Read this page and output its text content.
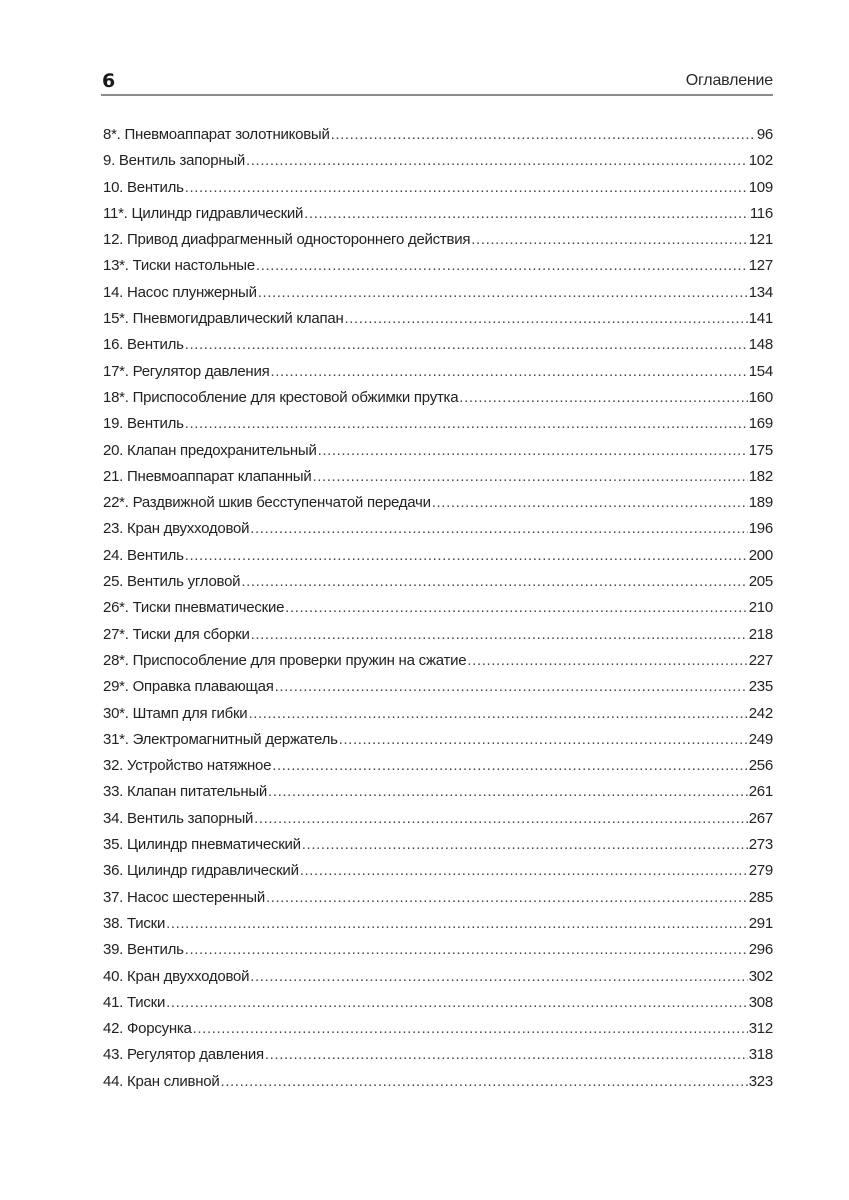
6	Оглавление
8*. Пневмоаппарат золотниковый .....	96
9. Вентиль запорный .....	102
10. Вентиль .....	109
11*. Цилиндр гидравлический .....	116
12. Привод диафрагменный одностороннего действия .....	121
13*. Тиски настольные .....	127
14. Насос плунжерный .....	134
15*. Пневмогидравлический клапан .....	141
16. Вентиль .....	148
17*. Регулятор давления .....	154
18*. Приспособление для крестовой обжимки прутка .....	160
19. Вентиль .....	169
20. Клапан предохранительный .....	175
21. Пневмоаппарат клапанный .....	182
22*. Раздвижной шкив бесступенчатой передачи .....	189
23. Кран двухходовой .....	196
24. Вентиль .....	200
25. Вентиль угловой .....	205
26*. Тиски пневматические .....	210
27*. Тиски для сборки .....	218
28*. Приспособление для проверки пружин на сжатие .....	227
29*. Оправка плавающая .....	235
30*. Штамп для гибки .....	242
31*. Электромагнитный держатель .....	249
32. Устройство натяжное .....	256
33. Клапан питательный .....	261
34. Вентиль запорный .....	267
35. Цилиндр пневматический .....	273
36. Цилиндр гидравлический .....	279
37. Насос шестеренный .....	285
38. Тиски .....	291
39. Вентиль .....	296
40. Кран двухходовой .....	302
41. Тиски .....	308
42. Форсунка .....	312
43. Регулятор давления .....	318
44. Кран сливной .....	323
